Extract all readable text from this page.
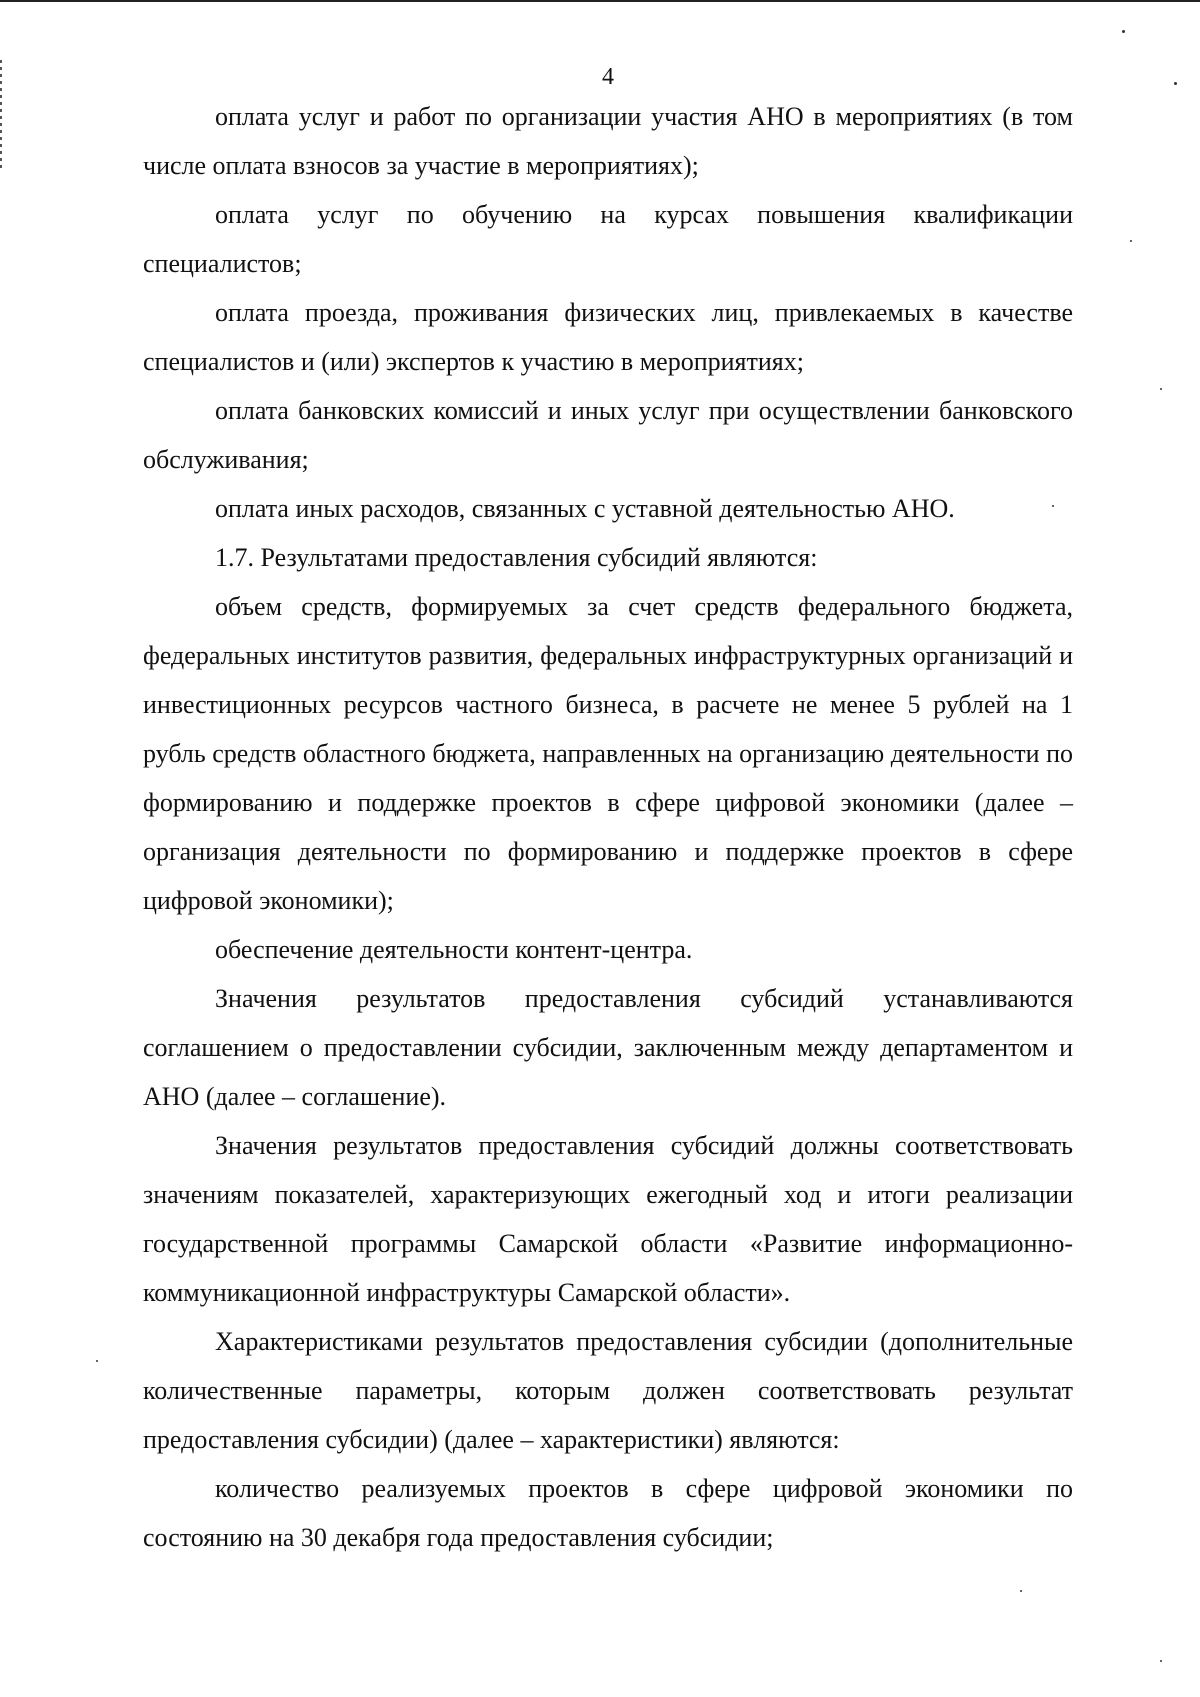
4

оплата услуг и работ по организации участия АНО в мероприятиях (в том числе оплата взносов за участие в мероприятиях);

оплата услуг по обучению на курсах повышения квалификации специалистов;

оплата проезда, проживания физических лиц, привлекаемых в качестве специалистов и (или) экспертов к участию в мероприятиях;

оплата банковских комиссий и иных услуг при осуществлении банковского обслуживания;

оплата иных расходов, связанных с уставной деятельностью АНО.

1.7. Результатами предоставления субсидий являются:

объем средств, формируемых за счет средств федерального бюджета, федеральных институтов развития, федеральных инфраструктурных организаций и инвестиционных ресурсов частного бизнеса, в расчете не менее 5 рублей на 1 рубль средств областного бюджета, направленных на организацию деятельности по формированию и поддержке проектов в сфере цифровой экономики (далее – организация деятельности по формированию и поддержке проектов в сфере цифровой экономики);

обеспечение деятельности контент-центра.

Значения результатов предоставления субсидий устанавливаются соглашением о предоставлении субсидии, заключенным между департаментом и АНО (далее – соглашение).

Значения результатов предоставления субсидий должны соответствовать значениям показателей, характеризующих ежегодный ход и итоги реализации государственной программы Самарской области «Развитие информационно-коммуникационной инфраструктуры Самарской области».

Характеристиками результатов предоставления субсидии (дополнительные количественные параметры, которым должен соответствовать результат предоставления субсидии) (далее – характеристики) являются:

количество реализуемых проектов в сфере цифровой экономики по состоянию на 30 декабря года предоставления субсидии;
